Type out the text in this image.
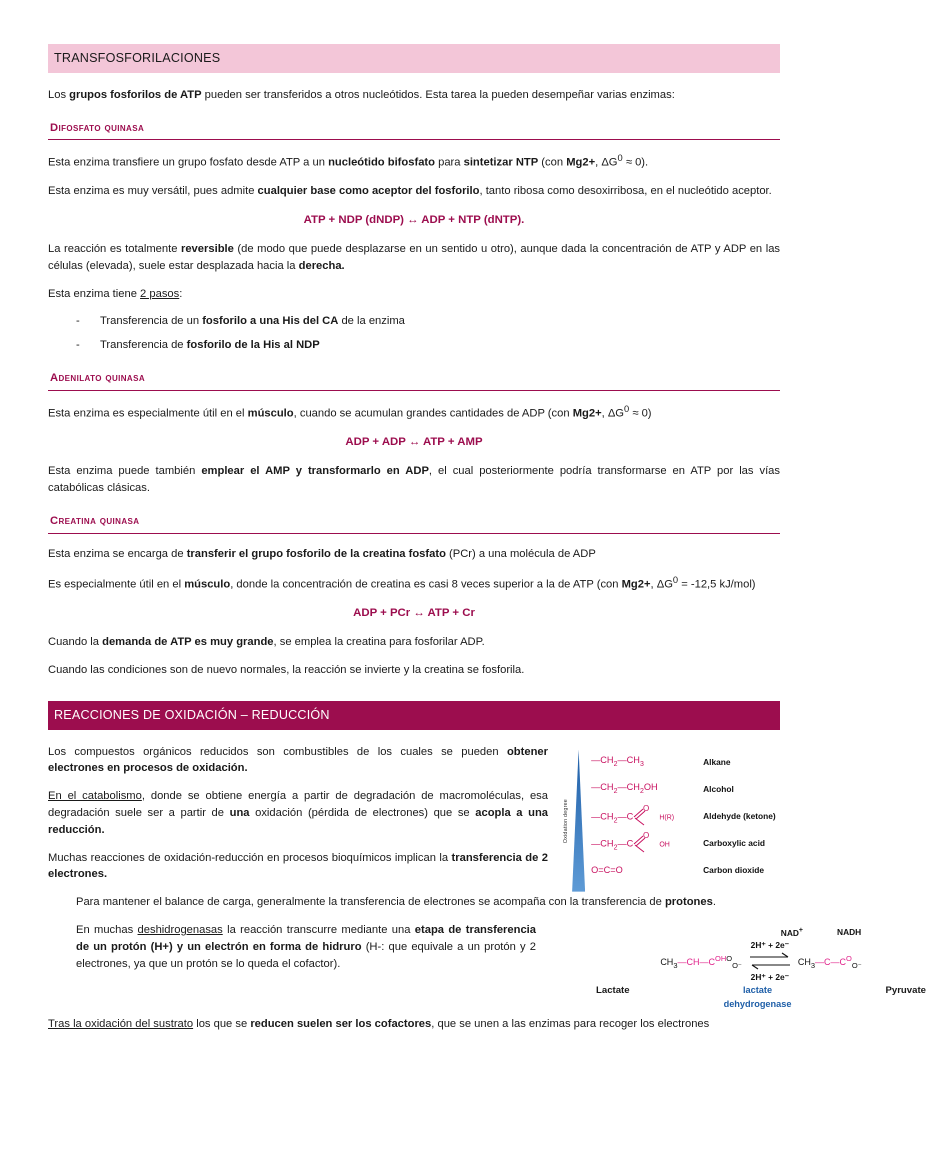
TRANSFOSFORILACIONES

Los grupos fosforilos de ATP pueden ser transferidos a otros nucleótidos. Esta tarea la pueden desempeñar varias enzimas:

Difosfato quinasa

Esta enzima transfiere un grupo fosfato desde ATP a un nucleótido bifosfato para sintetizar NTP (con Mg2+, $\Delta G^0 \approx 0$).

Esta enzima es muy versátil, pues admite cualquier base como aceptor del fosforilo, tanto ribosa como desoxirribosa, en el nucleótido aceptor.

ATP + NDP (dNDP) ↔ ADP + NTP (dNTP).

La reacción es totalmente reversible (de modo que puede desplazarse en un sentido u otro), aunque dada la concentración de ATP y ADP en las células (elevada), suele estar desplazada hacia la derecha.

Esta enzima tiene 2 pasos:

- Transferencia de un fosforilo a una His del CA de la enzima
- Transferencia de fosforilo de la His al NDP
Adenilato quinasa

Esta enzima es especialmente útil en el músculo, cuando se acumulan grandes cantidades de ADP (con Mg2+, $\Delta G^0 \approx 0$)

ADP + ADP ↔ ATP + AMP

Esta enzima puede también emplear el AMP y transformarlo en ADP, el cual posteriormente podría transformarse en ATP por las vías catabólicas clásicas.

Creatina quinasa

Esta enzima se encarga de transferir el grupo fosforilo de la creatina fosfato (PCr) a una molécula de ADP

Es especialmente útil en el músculo, donde la concentración de creatina es casi 8 veces superior a la de ATP (con Mg2+, $\Delta G^0 = -12,5$ kJ/mol)

ADP + PCr ↔ ATP + Cr

Cuando la demanda de ATP es muy grande, se emplea la creatina para fosforilar ADP.

Cuando las condiciones son de nuevo normales, la reacción se invierte y la creatina se fosforila.

REACCIONES DE OXIDACIÓN – REDUCCIÓN

Los compuestos orgánicos reducidos son combustibles de los cuales se pueden obtener electrones en procesos de oxidación.

En el catabolismo, donde se obtiene energía a partir de degradación de macromoléculas, esa degradación suele ser a partir de una oxidación (pérdida de electrones) que se acopla a una reducción.

Muchas reacciones de oxidación-reducción en procesos bioquímicos implican la transferencia de 2 electrones.

Oxidation degree
$—CH_2—CH_3$	Alkane
$—CH_2—CH_2OH$	Alcohol
$—CH_2—C$
O
H(R)	Aldehyde (ketone)
$—CH_2—C$
O
OH	Carboxylic acid
O=C=O	Carbon dioxide

Para mantener el balance de carga, generalmente la transferencia de electrones se acompaña con la transferencia de protones.

En muchas deshidrogenasas la reacción transcurre mediante una etapa de transferencia de un protón (H+) y un electrón en forma de hidruro (H-: que equivale a un protón y 2 electrones, ya que un protón se lo queda el cofactor).

NAD+	NADH
$CH_3—CH—C^{OHO}_{O^-}$
2H⁺ + 2e⁻

2H⁺ + 2e⁻
$CH_3—C—C^O_{O^-}$
Lactate	lactate
dehydrogenase
Pyruvate

Tras la oxidación del sustrato los que se reducen suelen ser los cofactores, que se unen a las enzimas para recoger los electrones
